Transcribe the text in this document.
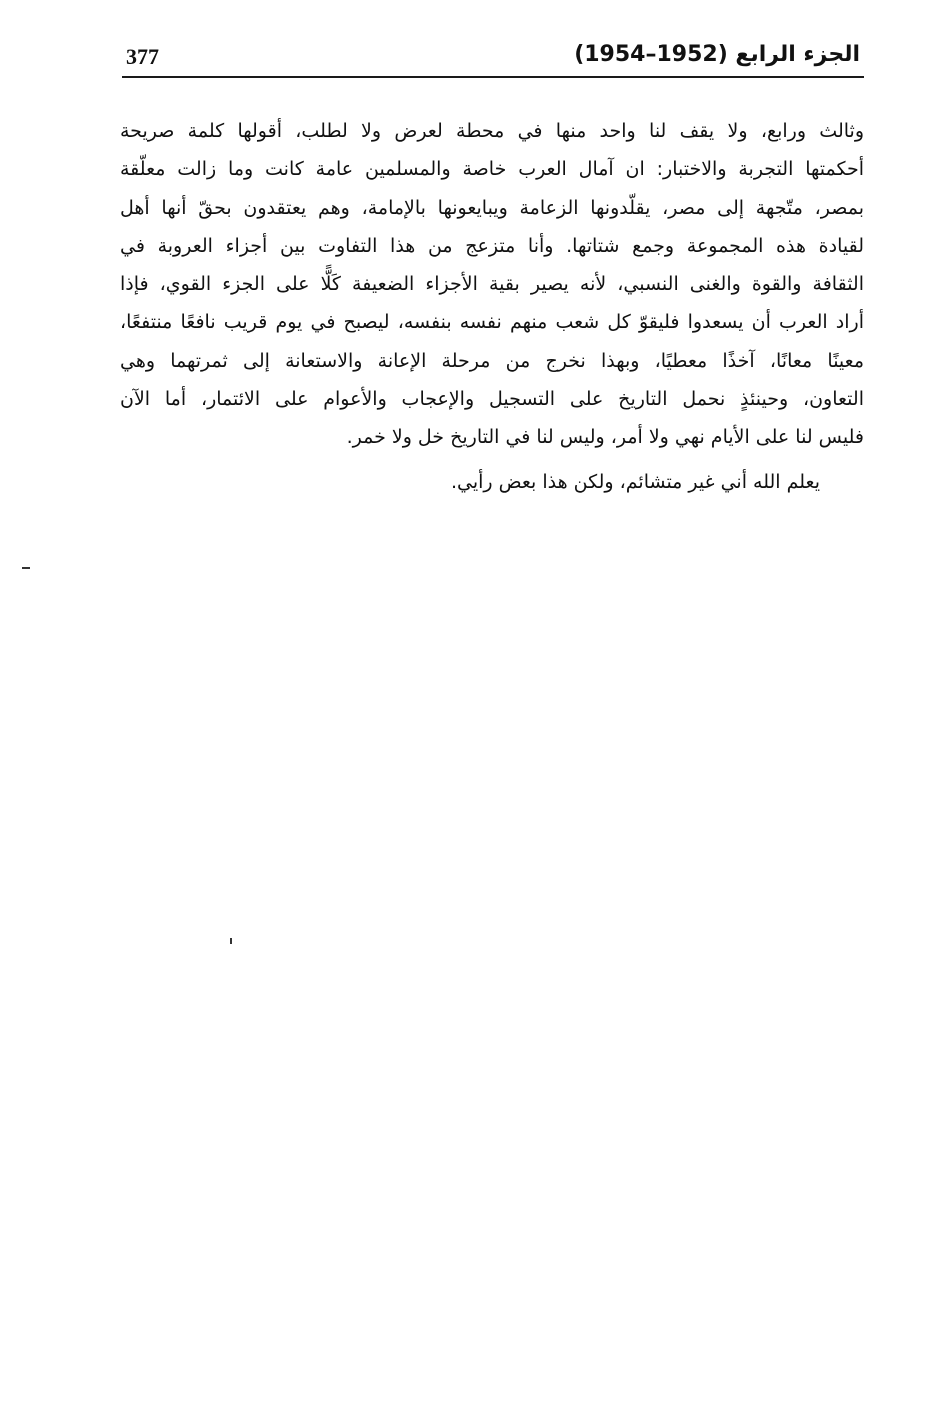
377	الجزء الرابع (1952–1954)
وثالث ورابع، ولا يقف لنا واحد منها في محطة لعرض ولا لطلب، أقولها كلمة صريحة
أحكمتها التجربة والاختبار: ان آمال العرب خاصة والمسلمين عامة كانت وما زالت معلّقة
بمصر، متّجهة إلى مصر، يقلّدونها الزعامة ويبايعونها بالإمامة، وهم يعتقدون بحقّ أنها أهل
لقيادة هذه المجموعة وجمع شتاتها. وأنا متزعج من هذا التفاوت بين أجزاء العروبة في
الثقافة والقوة والغنى النسبي، لأنه يصير بقية الأجزاء الضعيفة كَلًّا على الجزء القوي، فإذا
أراد العرب أن يسعدوا فليقوّ كل شعب منهم نفسه بنفسه، ليصبح في يوم قريب نافعًا منتفعًا،
معينًا معانًا، آخذًا معطيًا، وبهذا نخرج من مرحلة الإعانة والاستعانة إلى ثمرتهما وهي
التعاون، وحينئذٍ نحمل التاريخ على التسجيل والإعجاب والأعوام على الائتمار، أما الآن
فليس لنا على الأيام نهي ولا أمر، وليس لنا في التاريخ خل ولا خمر.
يعلم الله أني غير متشائم، ولكن هذا بعض رأيي.
